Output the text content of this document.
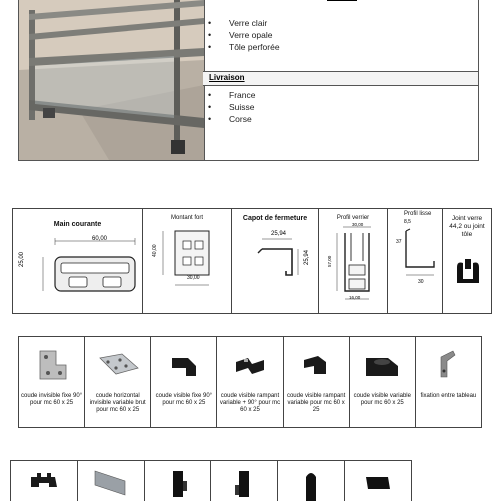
• Verre clair
• Verre opale
• Tôle perforée
Livraison
• France
• Suisse
• Corse
Main courante
60,00
25,00
Montant fort
40,00
30,00
Capot de fermeture
25,94
25,94
Profil verrier
30,00
57,00
16,00
Profil lisse
8,5
37
30
Joint verre 44,2 ou joint tôle
coude invisible fixe 90° pour mc 60 x 25
coude horizontal invisible variable brut pour mc 60 x 25
coude visible fixe 90° pour mc 60 x 25
coude visible rampant variable + 90° pour mc 60 x 25
coude visible rampant variable pour mc 60 x 25
coude visible variable pour mc 60 x 25
fixation entre tableau
